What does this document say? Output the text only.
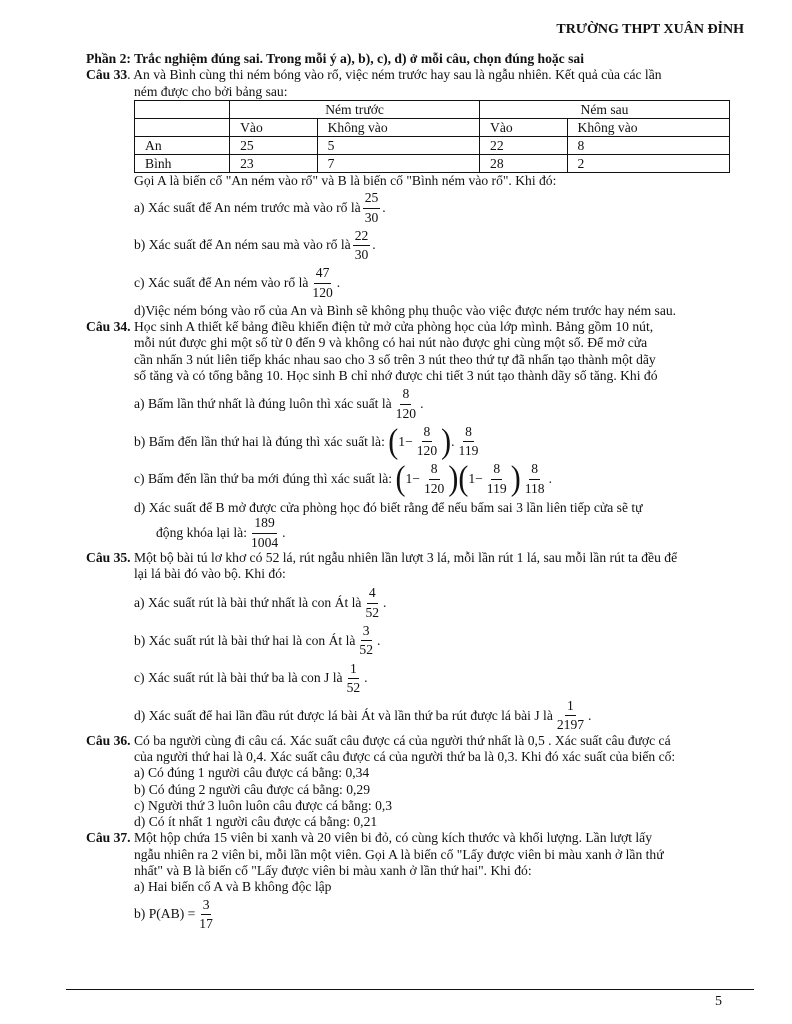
TRƯỜNG THPT XUÂN ĐỈNH

Phần 2: Trắc nghiệm đúng sai. Trong mỗi ý a), b), c), d) ở mỗi câu, chọn đúng hoặc sai

Câu 33. An và Bình cùng thi ném bóng vào rổ, việc ném trước hay sau là ngẫu nhiên. Kết quả của các lần

ném được cho bởi bảng sau:

	Ném trước		Ném sau	
	Vào	Không vào	Vào	Không vào
An	25	5	22	8
Bình	23	7	28	2

Gọi A là biến cố "An ném vào rổ" và B là biến cố "Bình ném vào rổ". Khi đó:

a) Xác suất để An ném trước mà vào rổ là $\frac{25}{30}$ .
b) Xác suất để An ném sau mà vào rổ là $\frac{22}{30}$ .
c) Xác suất để An ném vào rổ là $\frac{47}{120}$ .

d)Việc ném bóng vào rổ của An và Bình sẽ không phụ thuộc vào việc được ném trước hay ném sau.

Câu 34. Học sinh A thiết kế bảng điều khiển điện tử mở cửa phòng học của lớp mình. Bảng gồm 10 nút,

mỗi nút được ghi một số từ 0 đến 9 và không có hai nút nào được ghi cùng một số. Để mở cửa

cần nhấn 3 nút liên tiếp khác nhau sao cho 3 số trên 3 nút theo thứ tự đã nhấn tạo thành một dãy

số tăng và có tổng bằng 10. Học sinh B chỉ nhớ được chi tiết 3 nút tạo thành dãy số tăng. Khi đó

a) Bấm lần thứ nhất là đúng luôn thì xác suất là $\frac{8}{120}$ .
b) Bấm đến lần thứ hai là đúng thì xác suất là:
( $1 - \frac{8}{120}$ ) . $\frac{8}{119}$
c) Bấm đến lần thứ ba mới đúng thì xác suất là:
( $1 - \frac{8}{120}$ ) ( $1 - \frac{8}{119}$ ) $\frac{8}{118}$ .

d) Xác suất để B mở được cửa phòng học đó biết rằng để nếu bấm sai 3 lần liên tiếp cửa sẽ tự

động khóa lại là: $\frac{189}{1004}$ .

Câu 35. Một bộ bài tú lơ khơ có 52 lá, rút ngẫu nhiên lần lượt 3 lá, mỗi lần rút 1 lá, sau mỗi lần rút ta đều để

lại lá bài đó vào bộ. Khi đó:

a) Xác suất rút là bài thứ nhất là con Át là $\frac{4}{52}$ .
b) Xác suất rút là bài thứ hai là con Át là $\frac{3}{52}$ .
c) Xác suất rút là bài thứ ba là con J là $\frac{1}{52}$ .
d) Xác suất để hai lần đầu rút được lá bài Át và lần thứ ba rút được lá bài J là $\frac{1}{2197}$ .

Câu 36. Có ba người cùng đi câu cá. Xác suất câu được cá của người thứ nhất là 0,5 . Xác suất câu được cá

của người thứ hai là 0,4. Xác suất câu được cá của người thứ ba là 0,3. Khi đó xác suất của biến cố:

a) Có đúng 1 người câu được cá bằng: 0,34

b) Có đúng 2 người câu được cá bằng: 0,29

c) Người thứ 3 luôn luôn câu được cá bằng: 0,3

d) Có ít nhất 1 người câu được cá bằng: 0,21

Câu 37. Một hộp chứa 15 viên bi xanh và 20 viên bi đỏ, có cùng kích thước và khối lượng. Lần lượt lấy

ngẫu nhiên ra 2 viên bi, mỗi lần một viên. Gọi A là biến cố "Lấy được viên bi màu xanh ở lần thứ

nhất" và B là biến cố "Lấy được viên bi màu xanh ở lần thứ hai". Khi đó:

a) Hai biến cố A và B không độc lập

b) $P(AB) = \frac{3}{17}$
5
